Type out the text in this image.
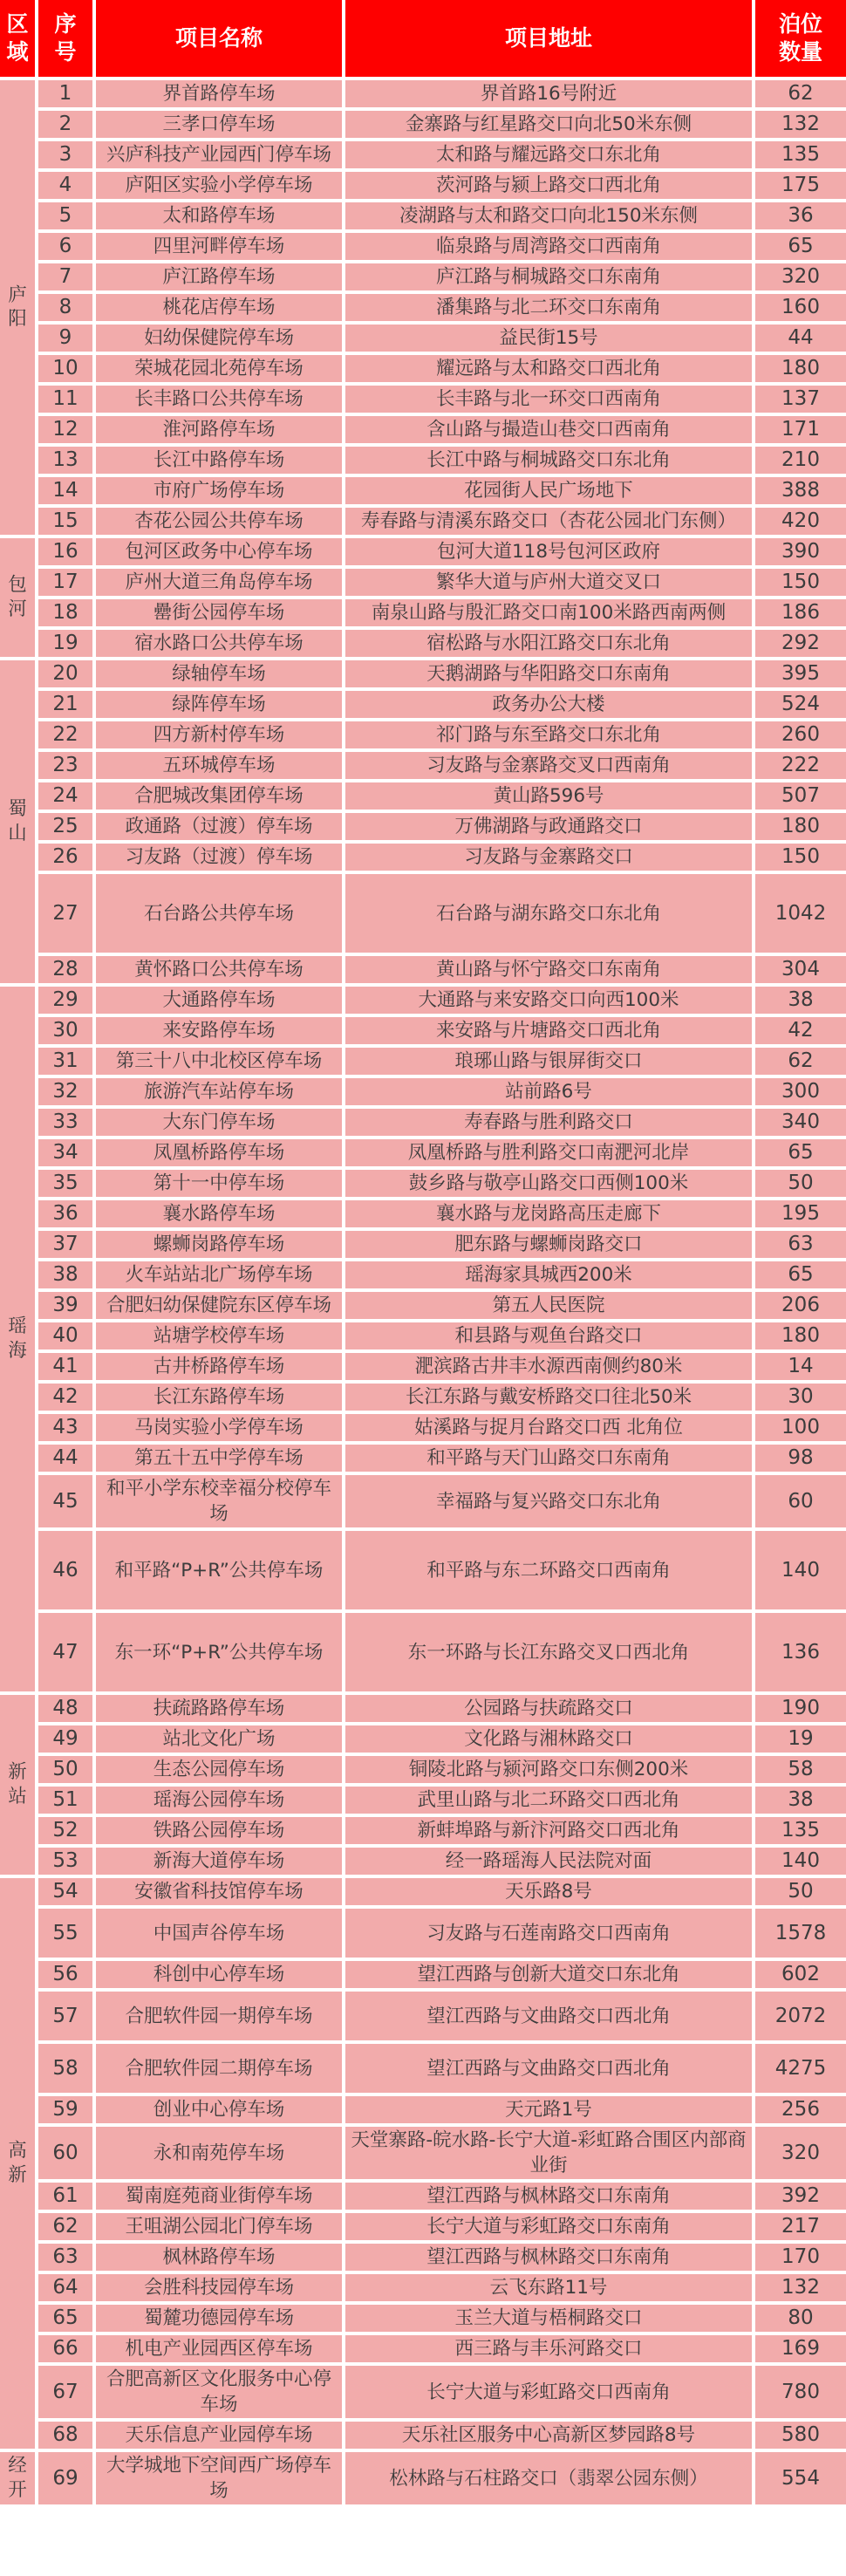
区域	序号	项目名称	项目地址	泊位数量
庐阳	1	界首路停车场	界首路16号附近	62
	2	三孝口停车场	金寨路与红星路交口向北50米东侧	132
	3	兴庐科技产业园西门停车场	太和路与耀远路交口东北角	135
	4	庐阳区实验小学停车场	茨河路与颍上路交口西北角	175
	5	太和路停车场	凌湖路与太和路交口向北150米东侧	36
	6	四里河畔停车场	临泉路与周湾路交口西南角	65
	7	庐江路停车场	庐江路与桐城路交口东南角	320
	8	桃花店停车场	潘集路与北二环交口东南角	160
	9	妇幼保健院停车场	益民街15号	44
	10	荣城花园北苑停车场	耀远路与太和路交口西北角	180
	11	长丰路口公共停车场	长丰路与北一环交口西南角	137
	12	淮河路停车场	含山路与撮造山巷交口西南角	171
	13	长江中路停车场	长江中路与桐城路交口东北角	210
	14	市府广场停车场	花园街人民广场地下	388
	15	杏花公园公共停车场	寿春路与清溪东路交口（杏花公园北门东侧）	420
包河	16	包河区政务中心停车场	包河大道118号包河区政府	390
	17	庐州大道三角岛停车场	繁华大道与庐州大道交叉口	150
	18	罍街公园停车场	南泉山路与殷汇路交口南100米路西南两侧	186
	19	宿水路口公共停车场	宿松路与水阳江路交口东北角	292
蜀山	20	绿轴停车场	天鹅湖路与华阳路交口东南角	395
	21	绿阵停车场	政务办公大楼	524
	22	四方新村停车场	祁门路与东至路交口东北角	260
	23	五环城停车场	习友路与金寨路交叉口西南角	222
	24	合肥城改集团停车场	黄山路596号	507
	25	政通路（过渡）停车场	万佛湖路与政通路交口	180
	26	习友路（过渡）停车场	习友路与金寨路交口	150
	27	石台路公共停车场	石台路与湖东路交口东北角	1042
	28	黄怀路口公共停车场	黄山路与怀宁路交口东南角	304
瑶海	29	大通路停车场	大通路与来安路交口向西100米	38
	30	来安路停车场	来安路与片塘路交口西北角	42
	31	第三十八中北校区停车场	琅琊山路与银屏街交口	62
	32	旅游汽车站停车场	站前路6号	300
	33	大东门停车场	寿春路与胜利路交口	340
	34	凤凰桥路停车场	凤凰桥路与胜利路交口南淝河北岸	65
	35	第十一中停车场	鼓乡路与敬亭山路交口西侧100米	50
	36	襄水路停车场	襄水路与龙岗路高压走廊下	195
	37	螺蛳岗路停车场	肥东路与螺蛳岗路交口	63
	38	火车站站北广场停车场	瑶海家具城西200米	65
	39	合肥妇幼保健院东区停车场	第五人民医院	206
	40	站塘学校停车场	和县路与观鱼台路交口	180
	41	古井桥路停车场	淝滨路古井丰水源西南侧约80米	14
	42	长江东路停车场	长江东路与戴安桥路交口往北50米	30
	43	马岗实验小学停车场	姑溪路与捉月台路交口西 北角位	100
	44	第五十五中学停车场	和平路与天门山路交口东南角	98
	45	和平小学东校幸福分校停车场	幸福路与复兴路交口东北角	60
	46	和平路“P+R”公共停车场	和平路与东二环路交口西南角	140
	47	东一环“P+R”公共停车场	东一环路与长江东路交叉口西北角	136
新站	48	扶疏路路停车场	公园路与扶疏路交口	190
	49	站北文化广场	文化路与湘林路交口	19
	50	生态公园停车场	铜陵北路与颍河路交口东侧200米	58
	51	瑶海公园停车场	武里山路与北二环路交口西北角	38
	52	铁路公园停车场	新蚌埠路与新汴河路交口西北角	135
	53	新海大道停车场	经一路瑶海人民法院对面	140
高新	54	安徽省科技馆停车场	天乐路8号	50
	55	中国声谷停车场	习友路与石莲南路交口西南角	1578
	56	科创中心停车场	望江西路与创新大道交口东北角	602
	57	合肥软件园一期停车场	望江西路与文曲路交口西北角	2072
	58	合肥软件园二期停车场	望江西路与文曲路交口西北角	4275
	59	创业中心停车场	天元路1号	256
	60	永和南苑停车场	天堂寨路-皖水路-长宁大道-彩虹路合围区内部商业街	320
	61	蜀南庭苑商业街停车场	望江西路与枫林路交口东南角	392
	62	王咀湖公园北门停车场	长宁大道与彩虹路交口东南角	217
	63	枫林路停车场	望江西路与枫林路交口东南角	170
	64	会胜科技园停车场	云飞东路11号	132
	65	蜀麓功德园停车场	玉兰大道与梧桐路交口	80
	66	机电产业园西区停车场	西三路与丰乐河路交口	169
	67	合肥高新区文化服务中心停车场	长宁大道与彩虹路交口西南角	780
	68	天乐信息产业园停车场	天乐社区服务中心高新区梦园路8号	580
经开	69	大学城地下空间西广场停车场	松林路与石柱路交口（翡翠公园东侧）	554
